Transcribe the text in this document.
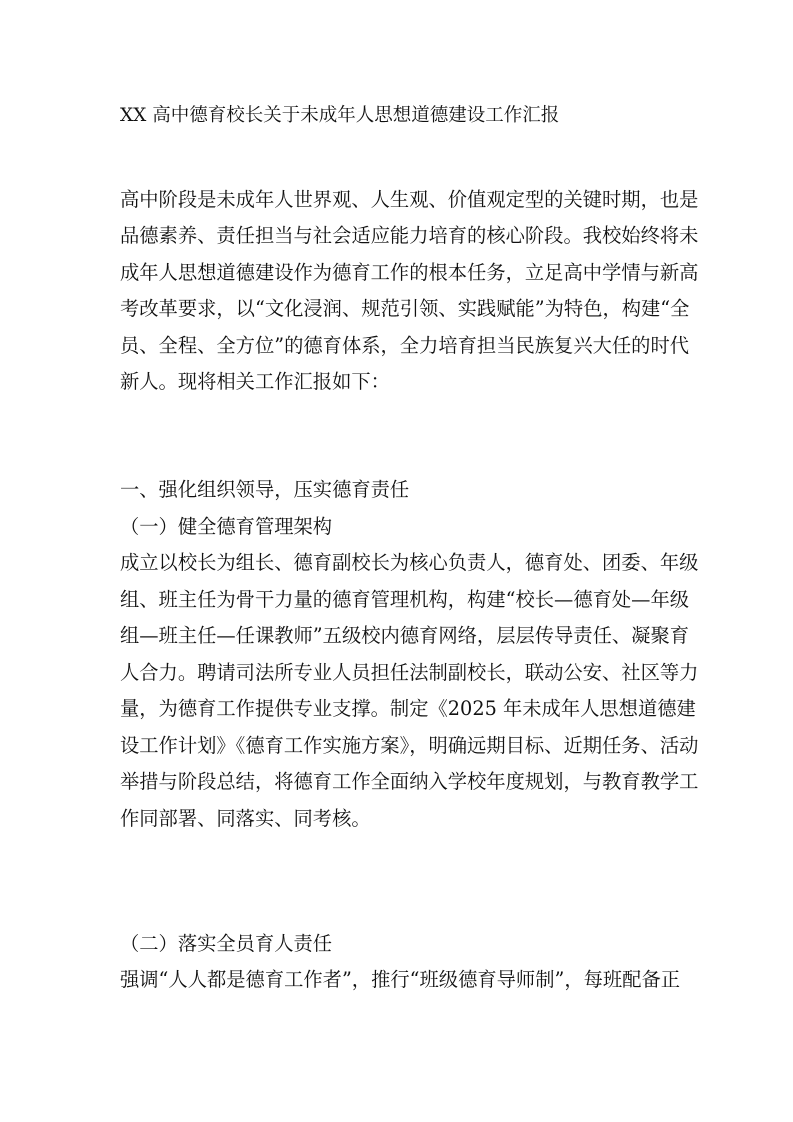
XX 高中德育校长关于未成年人思想道德建设工作汇报
高中阶段是未成年人世界观、人生观、价值观定型的关键时期，也是
品德素养、责任担当与社会适应能力培育的核心阶段。我校始终将未
成年人思想道德建设作为德育工作的根本任务，立足高中学情与新高
考改革要求，以“文化浸润、规范引领、实践赋能”为特色，构建“全
员、全程、全方位”的德育体系，全力培育担当民族复兴大任的时代
新人。现将相关工作汇报如下：
一、强化组织领导，压实德育责任
（一）健全德育管理架构
成立以校长为组长、德育副校长为核心负责人，德育处、团委、年级
组、班主任为骨干力量的德育管理机构，构建“校长—德育处—年级
组—班主任—任课教师”五级校内德育网络，层层传导责任、凝聚育
人合力。聘请司法所专业人员担任法制副校长，联动公安、社区等力
量，为德育工作提供专业支撑。制定《2025 年未成年人思想道德建
设工作计划》《德育工作实施方案》，明确远期目标、近期任务、活动
举措与阶段总结，将德育工作全面纳入学校年度规划，与教育教学工
作同部署、同落实、同考核。
（二）落实全员育人责任
强调“人人都是德育工作者”，推行“班级德育导师制”，每班配备正
